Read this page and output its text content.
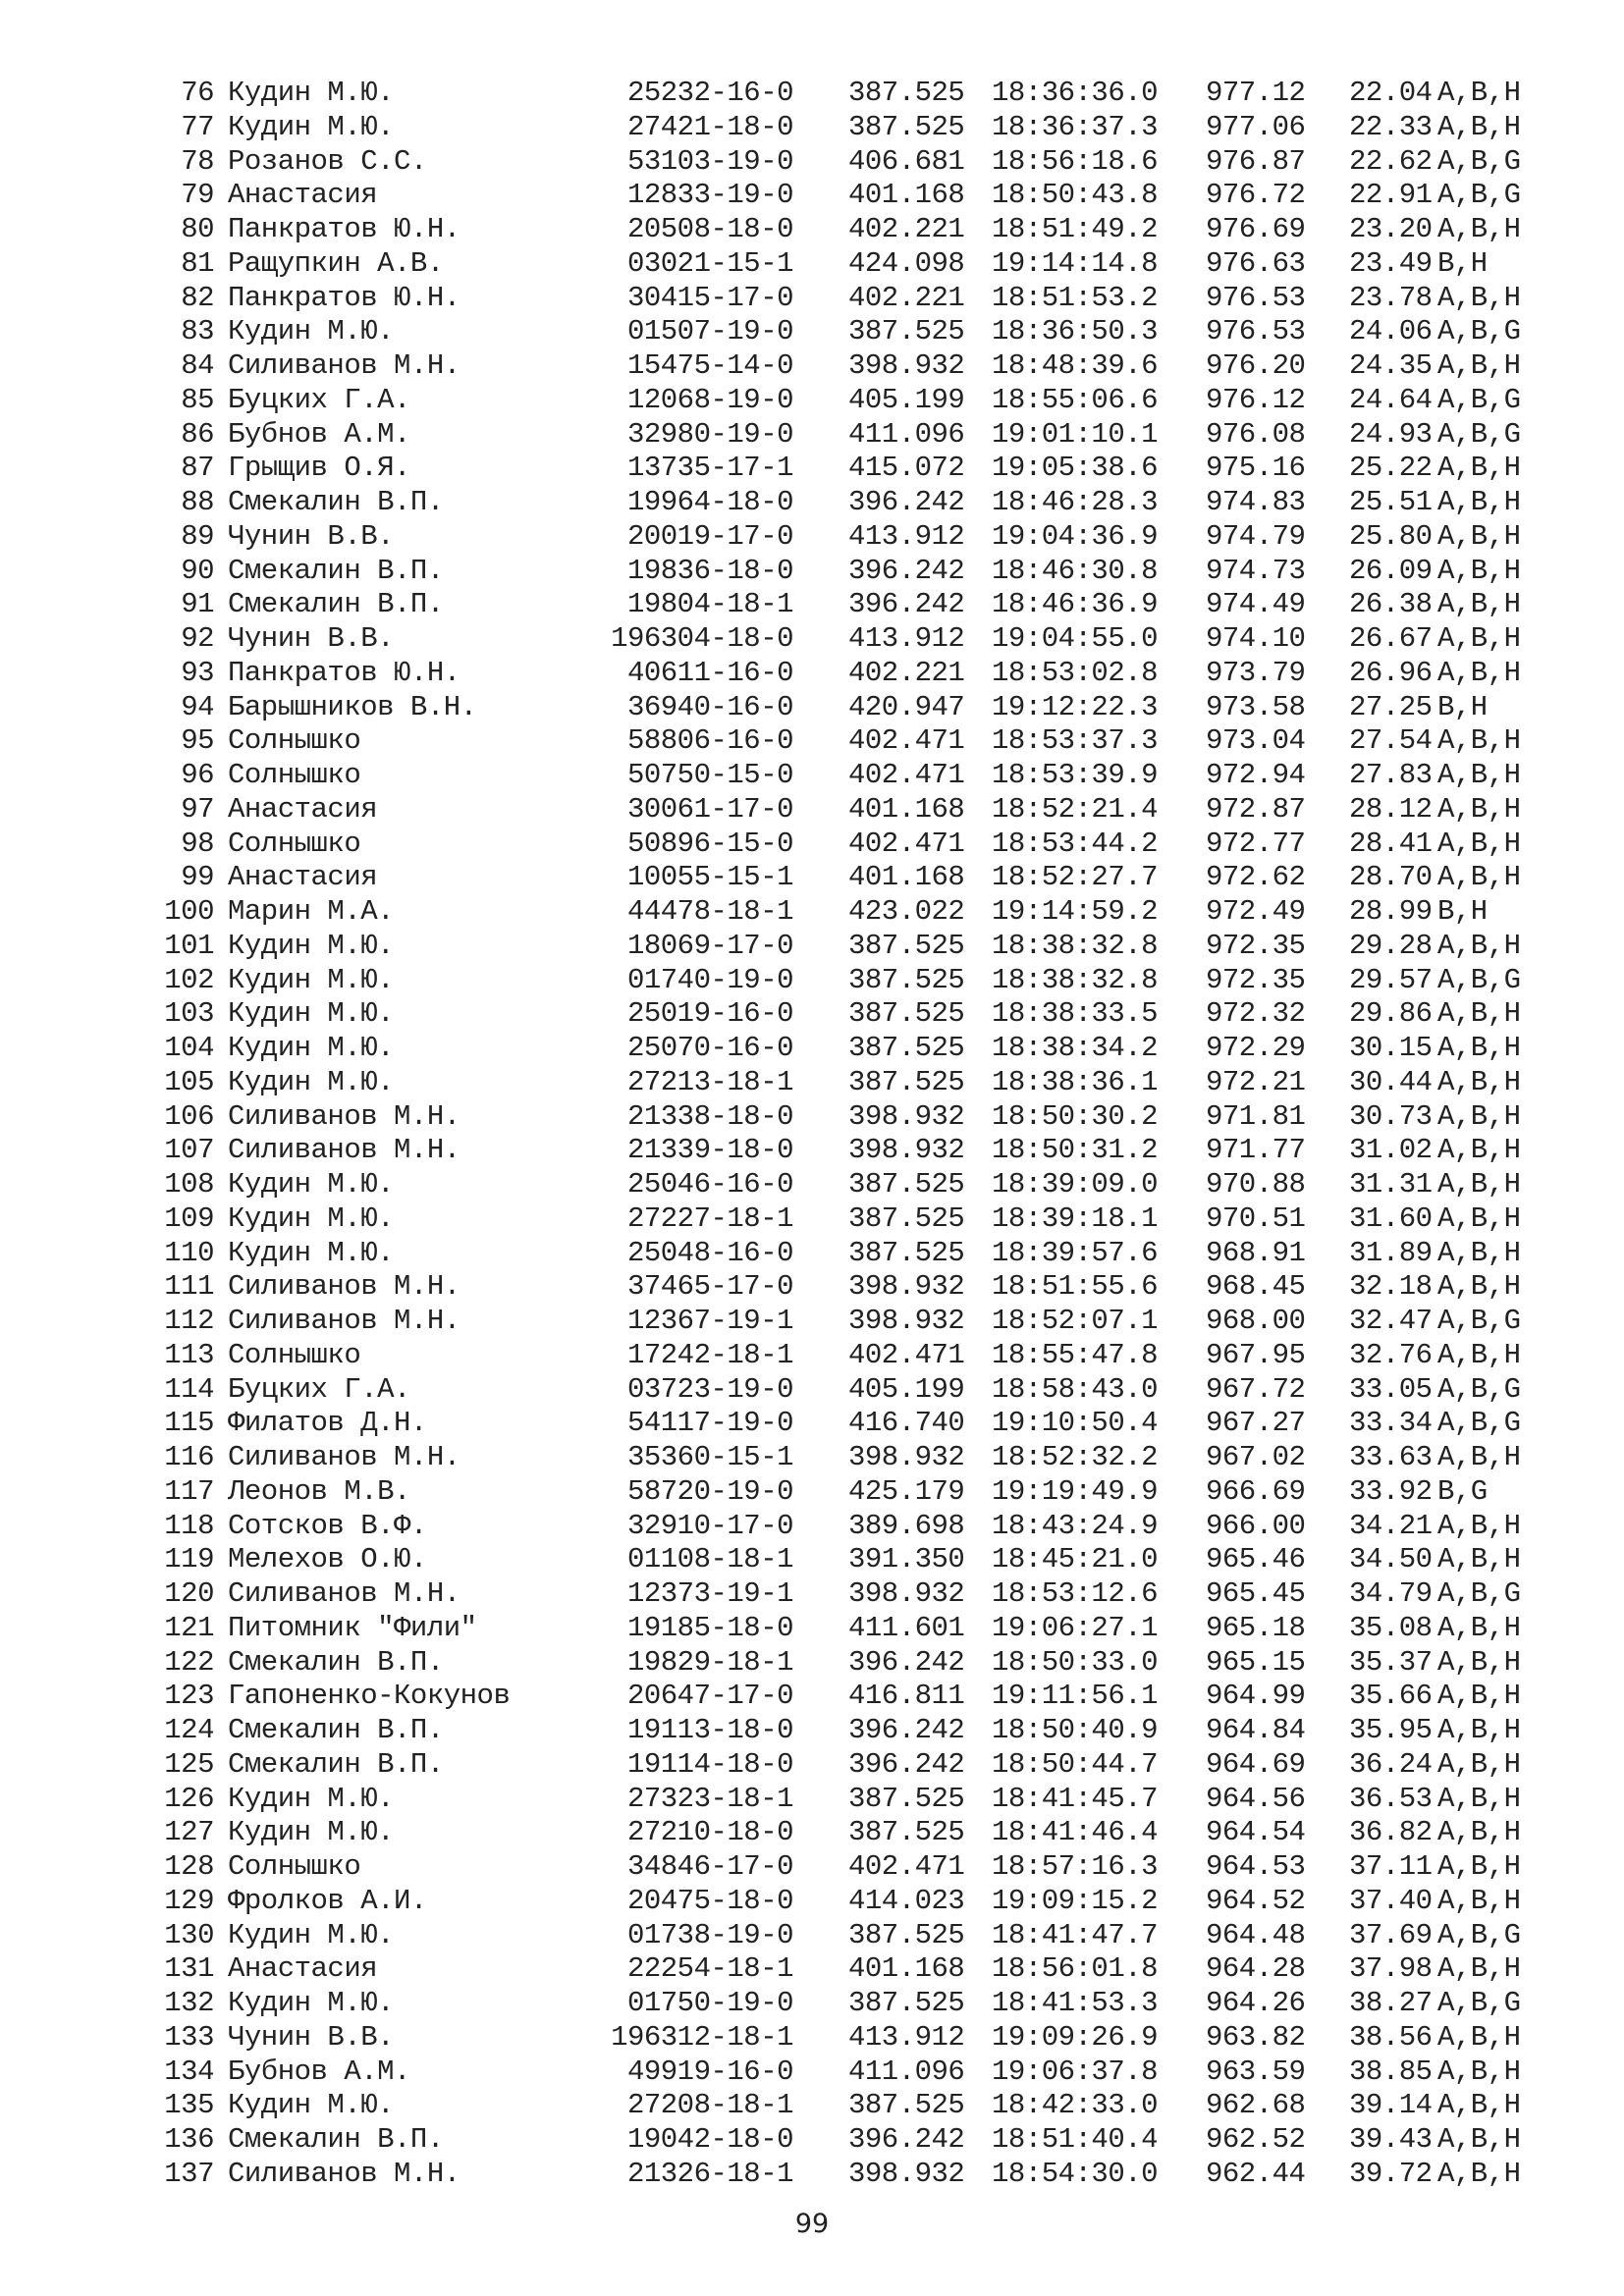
76 Кудин М.Ю.	25232-16-0 387.525 18:36:36.0 977.12 22.04 A,B,H
77 Кудин М.Ю.	27421-18-0 387.525 18:36:37.3 977.06 22.33 A,B,H
78 Розанов С.С.	53103-19-0 406.681 18:56:18.6 976.87 22.62 A,B,G
79 Анастасия	12833-19-0 401.168 18:50:43.8 976.72 22.91 A,B,G
80 Панкратов Ю.Н.	20508-18-0 402.221 18:51:49.2 976.69 23.20 A,B,H
81 Ращупкин А.В.	03021-15-1 424.098 19:14:14.8 976.63 23.49 B,H
82 Панкратов Ю.Н.	30415-17-0 402.221 18:51:53.2 976.53 23.78 A,B,H
83 Кудин М.Ю.	01507-19-0 387.525 18:36:50.3 976.53 24.06 A,B,G
84 Силиванов М.Н.	15475-14-0 398.932 18:48:39.6 976.20 24.35 A,B,H
85 Буцких Г.А.	12068-19-0 405.199 18:55:06.6 976.12 24.64 A,B,G
86 Бубнов А.М.	32980-19-0 411.096 19:01:10.1 976.08 24.93 A,B,G
87 Грыщив О.Я.	13735-17-1 415.072 19:05:38.6 975.16 25.22 A,B,H
88 Смекалин В.П.	19964-18-0 396.242 18:46:28.3 974.83 25.51 A,B,H
89 Чунин В.В.	20019-17-0 413.912 19:04:36.9 974.79 25.80 A,B,H
90 Смекалин В.П.	19836-18-0 396.242 18:46:30.8 974.73 26.09 A,B,H
91 Смекалин В.П.	19804-18-1 396.242 18:46:36.9 974.49 26.38 A,B,H
92 Чунин В.В.	196304-18-0 413.912 19:04:55.0 974.10 26.67 A,B,H
93 Панкратов Ю.Н.	40611-16-0 402.221 18:53:02.8 973.79 26.96 A,B,H
94 Барышников В.Н.	36940-16-0 420.947 19:12:22.3 973.58 27.25 B,H
95 Солнышко	58806-16-0 402.471 18:53:37.3 973.04 27.54 A,B,H
96 Солнышко	50750-15-0 402.471 18:53:39.9 972.94 27.83 A,B,H
97 Анастасия	30061-17-0 401.168 18:52:21.4 972.87 28.12 A,B,H
98 Солнышко	50896-15-0 402.471 18:53:44.2 972.77 28.41 A,B,H
99 Анастасия	10055-15-1 401.168 18:52:27.7 972.62 28.70 A,B,H
100 Марин М.А.	44478-18-1 423.022 19:14:59.2 972.49 28.99 B,H
101 Кудин М.Ю.	18069-17-0 387.525 18:38:32.8 972.35 29.28 A,B,H
102 Кудин М.Ю.	01740-19-0 387.525 18:38:32.8 972.35 29.57 A,B,G
103 Кудин М.Ю.	25019-16-0 387.525 18:38:33.5 972.32 29.86 A,B,H
104 Кудин М.Ю.	25070-16-0 387.525 18:38:34.2 972.29 30.15 A,B,H
105 Кудин М.Ю.	27213-18-1 387.525 18:38:36.1 972.21 30.44 A,B,H
106 Силиванов М.Н.	21338-18-0 398.932 18:50:30.2 971.81 30.73 A,B,H
107 Силиванов М.Н.	21339-18-0 398.932 18:50:31.2 971.77 31.02 A,B,H
108 Кудин М.Ю.	25046-16-0 387.525 18:39:09.0 970.88 31.31 A,B,H
109 Кудин М.Ю.	27227-18-1 387.525 18:39:18.1 970.51 31.60 A,B,H
110 Кудин М.Ю.	25048-16-0 387.525 18:39:57.6 968.91 31.89 A,B,H
111 Силиванов М.Н.	37465-17-0 398.932 18:51:55.6 968.45 32.18 A,B,H
112 Силиванов М.Н.	12367-19-1 398.932 18:52:07.1 968.00 32.47 A,B,G
113 Солнышко	17242-18-1 402.471 18:55:47.8 967.95 32.76 A,B,H
114 Буцких Г.А.	03723-19-0 405.199 18:58:43.0 967.72 33.05 A,B,G
115 Филатов Д.Н.	54117-19-0 416.740 19:10:50.4 967.27 33.34 A,B,G
116 Силиванов М.Н.	35360-15-1 398.932 18:52:32.2 967.02 33.63 A,B,H
117 Леонов М.В.	58720-19-0 425.179 19:19:49.9 966.69 33.92 B,G
118 Сотсков В.Ф.	32910-17-0 389.698 18:43:24.9 966.00 34.21 A,B,H
119 Мелехов О.Ю.	01108-18-1 391.350 18:45:21.0 965.46 34.50 A,B,H
120 Силиванов М.Н.	12373-19-1 398.932 18:53:12.6 965.45 34.79 A,B,G
121 Питомник "Фили"	19185-18-0 411.601 19:06:27.1 965.18 35.08 A,B,H
122 Смекалин В.П.	19829-18-1 396.242 18:50:33.0 965.15 35.37 A,B,H
123 Гапоненко-Кокунов	20647-17-0 416.811 19:11:56.1 964.99 35.66 A,B,H
124 Смекалин В.П.	19113-18-0 396.242 18:50:40.9 964.84 35.95 A,B,H
125 Смекалин В.П.	19114-18-0 396.242 18:50:44.7 964.69 36.24 A,B,H
126 Кудин М.Ю.	27323-18-1 387.525 18:41:45.7 964.56 36.53 A,B,H
127 Кудин М.Ю.	27210-18-0 387.525 18:41:46.4 964.54 36.82 A,B,H
128 Солнышко	34846-17-0 402.471 18:57:16.3 964.53 37.11 A,B,H
129 Фролков А.И.	20475-18-0 414.023 19:09:15.2 964.52 37.40 A,B,H
130 Кудин М.Ю.	01738-19-0 387.525 18:41:47.7 964.48 37.69 A,B,G
131 Анастасия	22254-18-1 401.168 18:56:01.8 964.28 37.98 A,B,H
132 Кудин М.Ю.	01750-19-0 387.525 18:41:53.3 964.26 38.27 A,B,G
133 Чунин В.В.	196312-18-1 413.912 19:09:26.9 963.82 38.56 A,B,H
134 Бубнов А.М.	49919-16-0 411.096 19:06:37.8 963.59 38.85 A,B,H
135 Кудин М.Ю.	27208-18-1 387.525 18:42:33.0 962.68 39.14 A,B,H
136 Смекалин В.П.	19042-18-0 396.242 18:51:40.4 962.52 39.43 A,B,H
137 Силиванов М.Н.	21326-18-1 398.932 18:54:30.0 962.44 39.72 A,B,H
99
